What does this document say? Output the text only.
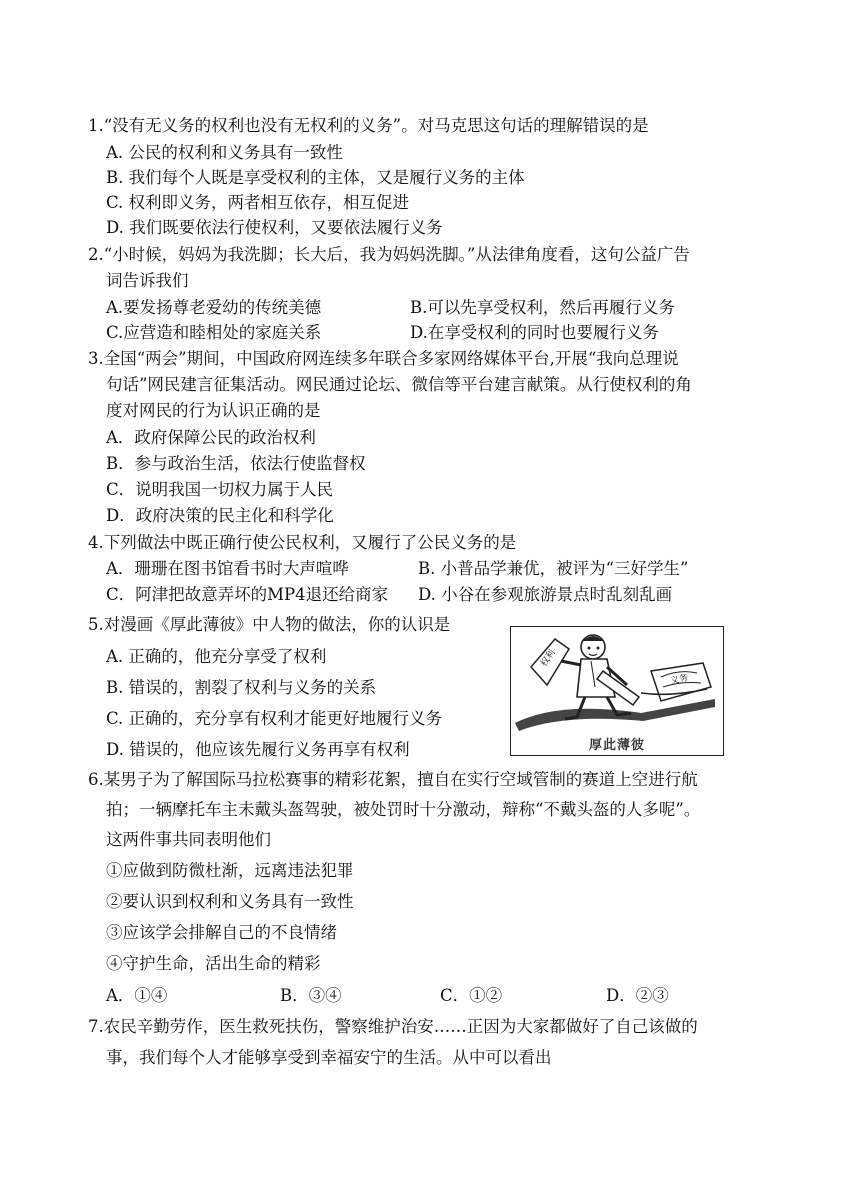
1.“没有无义务的权利也没有无权利的义务”。对马克思这句话的理解错误的是
A. 公民的权利和义务具有一致性
B. 我们每个人既是享受权利的主体，又是履行义务的主体
C. 权利即义务，两者相互依存，相互促进
D. 我们既要依法行使权利，又要依法履行义务
2.“小时候，妈妈为我洗脚；长大后，我为妈妈洗脚。”从法律角度看，这句公益广告
词告诉我们
A.要发扬尊老爱幼的传统美德	B.可以先享受权利，然后再履行义务
C.应营造和睦相处的家庭关系	D.在享受权利的同时也要履行义务
3.全国“两会”期间，中国政府网连续多年联合多家网络媒体平台,开展“我向总理说
句话”网民建言征集活动。网民通过论坛、微信等平台建言献策。从行使权利的角
度对网民的行为认识正确的是
A．政府保障公民的政治权利
B．参与政治生活，依法行使监督权
C．说明我国一切权力属于人民
D．政府决策的民主化和科学化
4.下列做法中既正确行使公民权利，又履行了公民义务的是
A．珊珊在图书馆看书时大声喧哗	B. 小普品学兼优，被评为“三好学生”
C．阿津把故意弄坏的MP4退还给商家 D. 小谷在参观旅游景点时乱刻乱画
5.对漫画《厚此薄彼》中人物的做法，你的认识是
A. 正确的，他充分享受了权利
B. 错误的，割裂了权利与义务的关系
C. 正确的，充分享有权利才能更好地履行义务
D. 错误的，他应该先履行义务再享有权利
权利
义务
厚此薄彼
6.某男子为了解国际马拉松赛事的精彩花絮，擅自在实行空域管制的赛道上空进行航
拍；一辆摩托车主未戴头盔驾驶，被处罚时十分激动，辩称“不戴头盔的人多呢”。
这两件事共同表明他们
①应做到防微杜渐，远离违法犯罪
②要认识到权利和义务具有一致性
③应该学会排解自己的不良情绪
④守护生命，活出生命的精彩
A．①④	B．③④	C．①②	D．②③
7.农民辛勤劳作，医生救死扶伤，警察维护治安……正因为大家都做好了自己该做的
事，我们每个人才能够享受到幸福安宁的生活。从中可以看出
